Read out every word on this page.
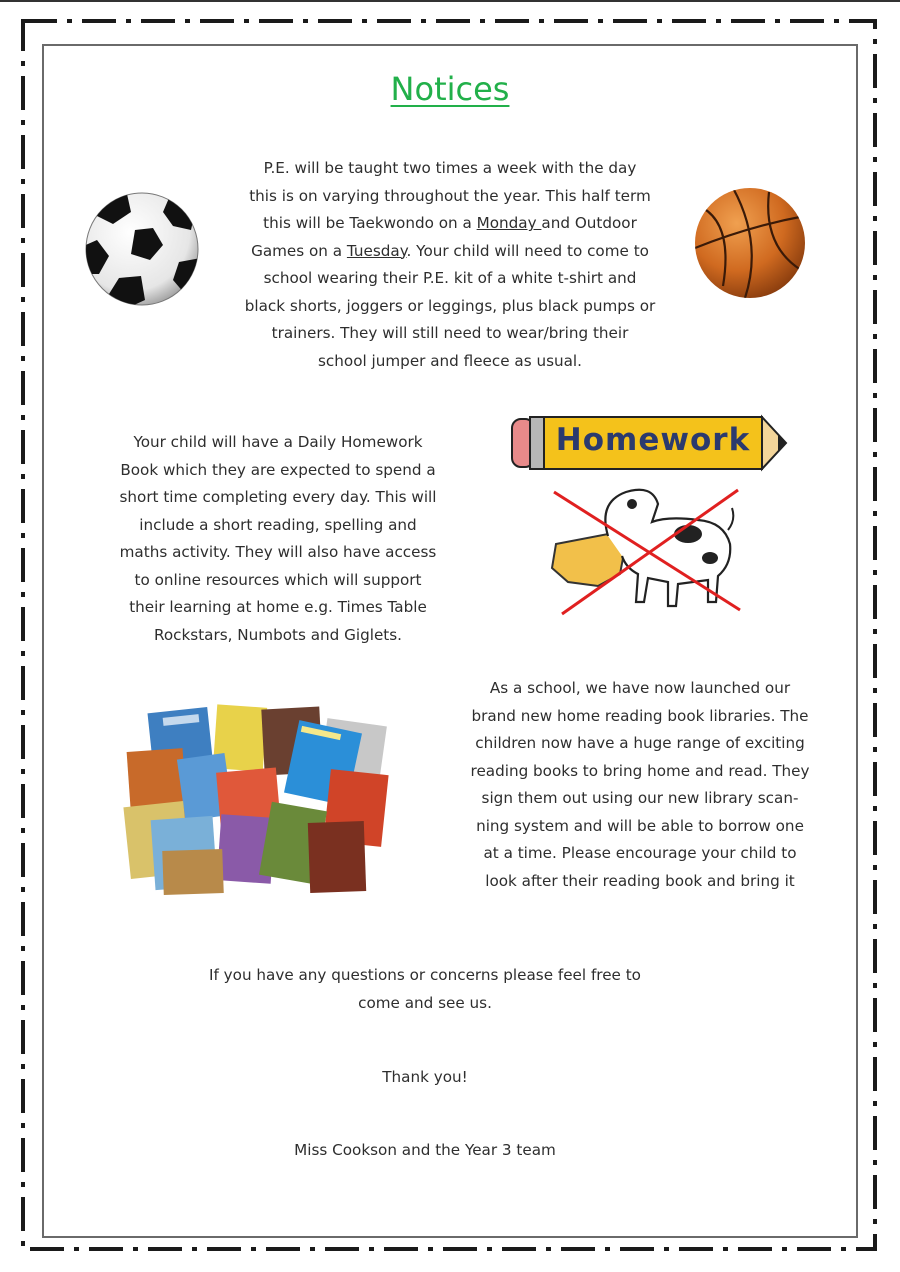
Notices
P.E. will be taught two times a week with the day
this is on varying throughout the year. This half term
this will be Taekwondo on a Monday and Outdoor
Games on a Tuesday. Your child will need to come to
school wearing their P.E. kit of a white t-shirt and
black shorts, joggers or leggings, plus black pumps or
trainers. They will still need to wear/bring their
school jumper and fleece as usual.
Your child will have a Daily Homework
Book which they are expected to spend a
short time completing every day. This will
include a short reading, spelling and
maths activity. They will also have access
to online resources which will support
their learning at home e.g. Times Table
Rockstars, Numbots and Giglets.
Homework
As a school, we have now launched our
brand new home reading book libraries. The
children now have a huge range of exciting
reading books to bring home and read. They
sign them out using our new library scan-
ning system and will be able to borrow one
at a time. Please encourage your child to
look after their reading book and bring it
If you have any questions or concerns please feel free to
come and see us.
Thank you!
Miss Cookson and the Year 3 team
